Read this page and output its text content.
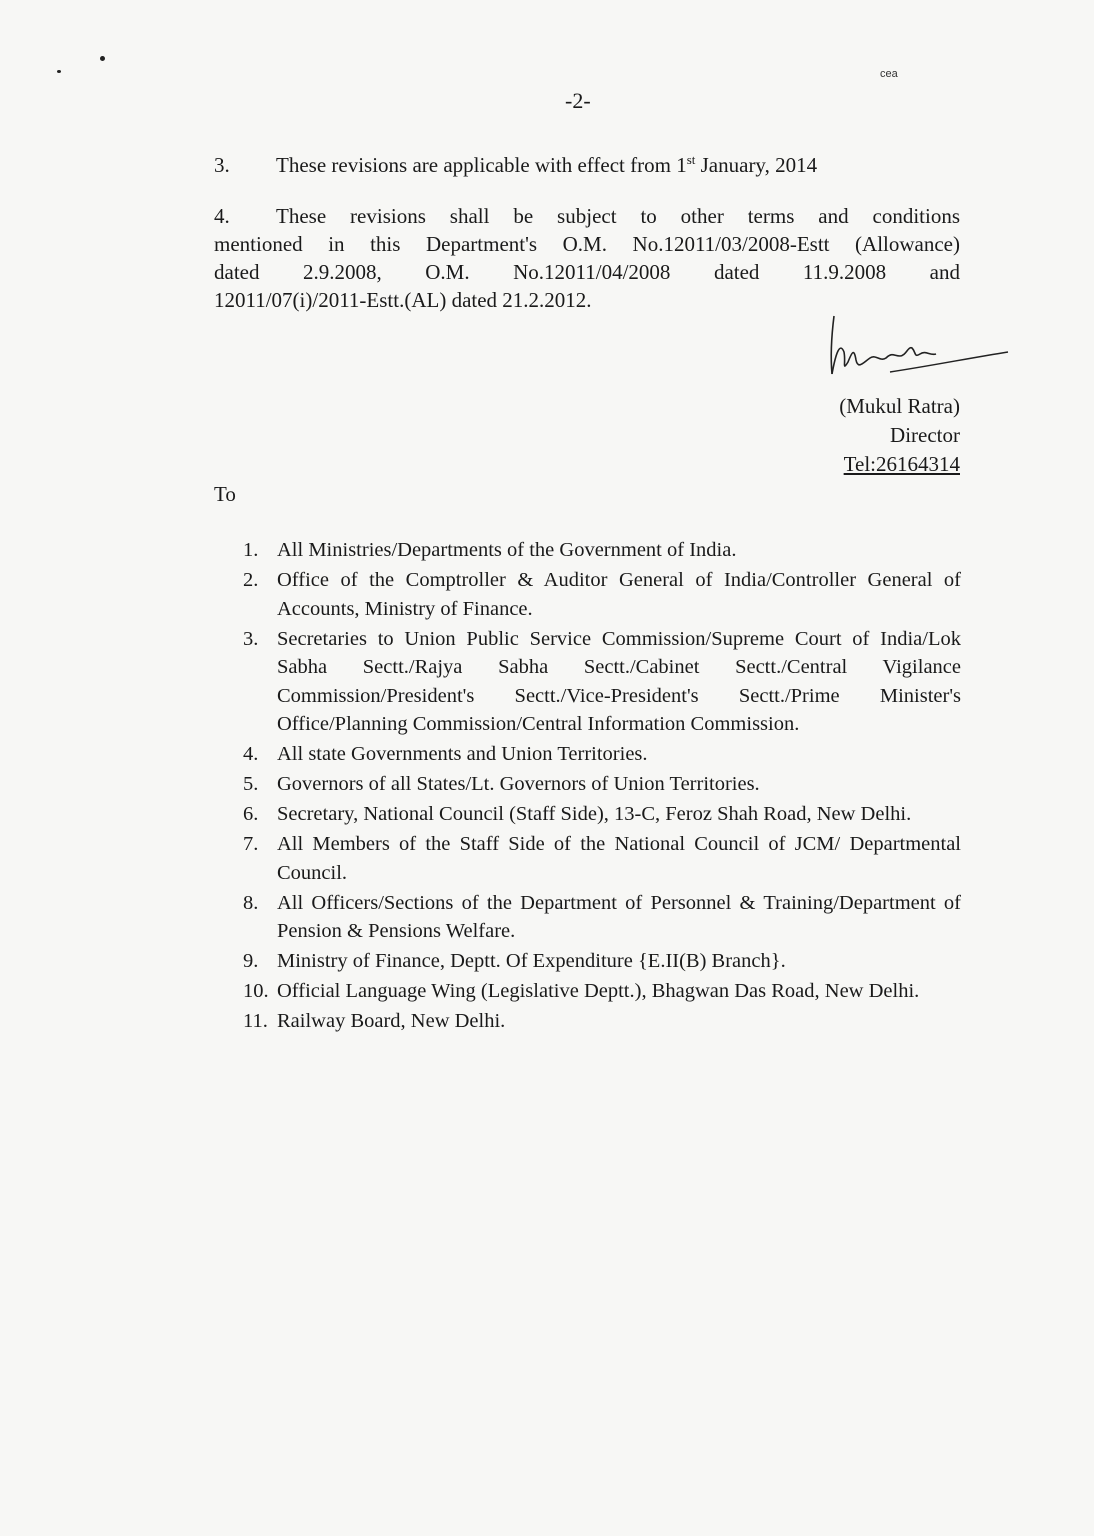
cea
-2-
3. These revisions are applicable with effect from 1st January, 2014
4. These revisions shall be subject to other terms and conditions
mentioned in this Department's O.M. No.12011/03/2008-Estt (Allowance)
dated 2.9.2008, O.M. No.12011/04/2008 dated 11.9.2008 and
12011/07(i)/2011-Estt.(AL) dated 21.2.2012.
(Mukul Ratra)
Director
Tel:26164314
To
1. All Ministries/Departments of the Government of India.
2. Office of the Comptroller & Auditor General of India/Controller General of Accounts, Ministry of Finance.
3. Secretaries to Union Public Service Commission/Supreme Court of India/Lok Sabha Sectt./Rajya Sabha Sectt./Cabinet Sectt./Central Vigilance Commission/President's Sectt./Vice-President's Sectt./Prime Minister's Office/Planning Commission/Central Information Commission.
4. All state Governments and Union Territories.
5. Governors of all States/Lt. Governors of Union Territories.
6. Secretary, National Council (Staff Side), 13-C, Feroz Shah Road, New Delhi.
7. All Members of the Staff Side of the National Council of JCM/ Departmental Council.
8. All Officers/Sections of the Department of Personnel & Training/Department of Pension & Pensions Welfare.
9. Ministry of Finance, Deptt. Of Expenditure {E.II(B) Branch}.
10. Official Language Wing (Legislative Deptt.), Bhagwan Das Road, New Delhi.
11. Railway Board, New Delhi.
